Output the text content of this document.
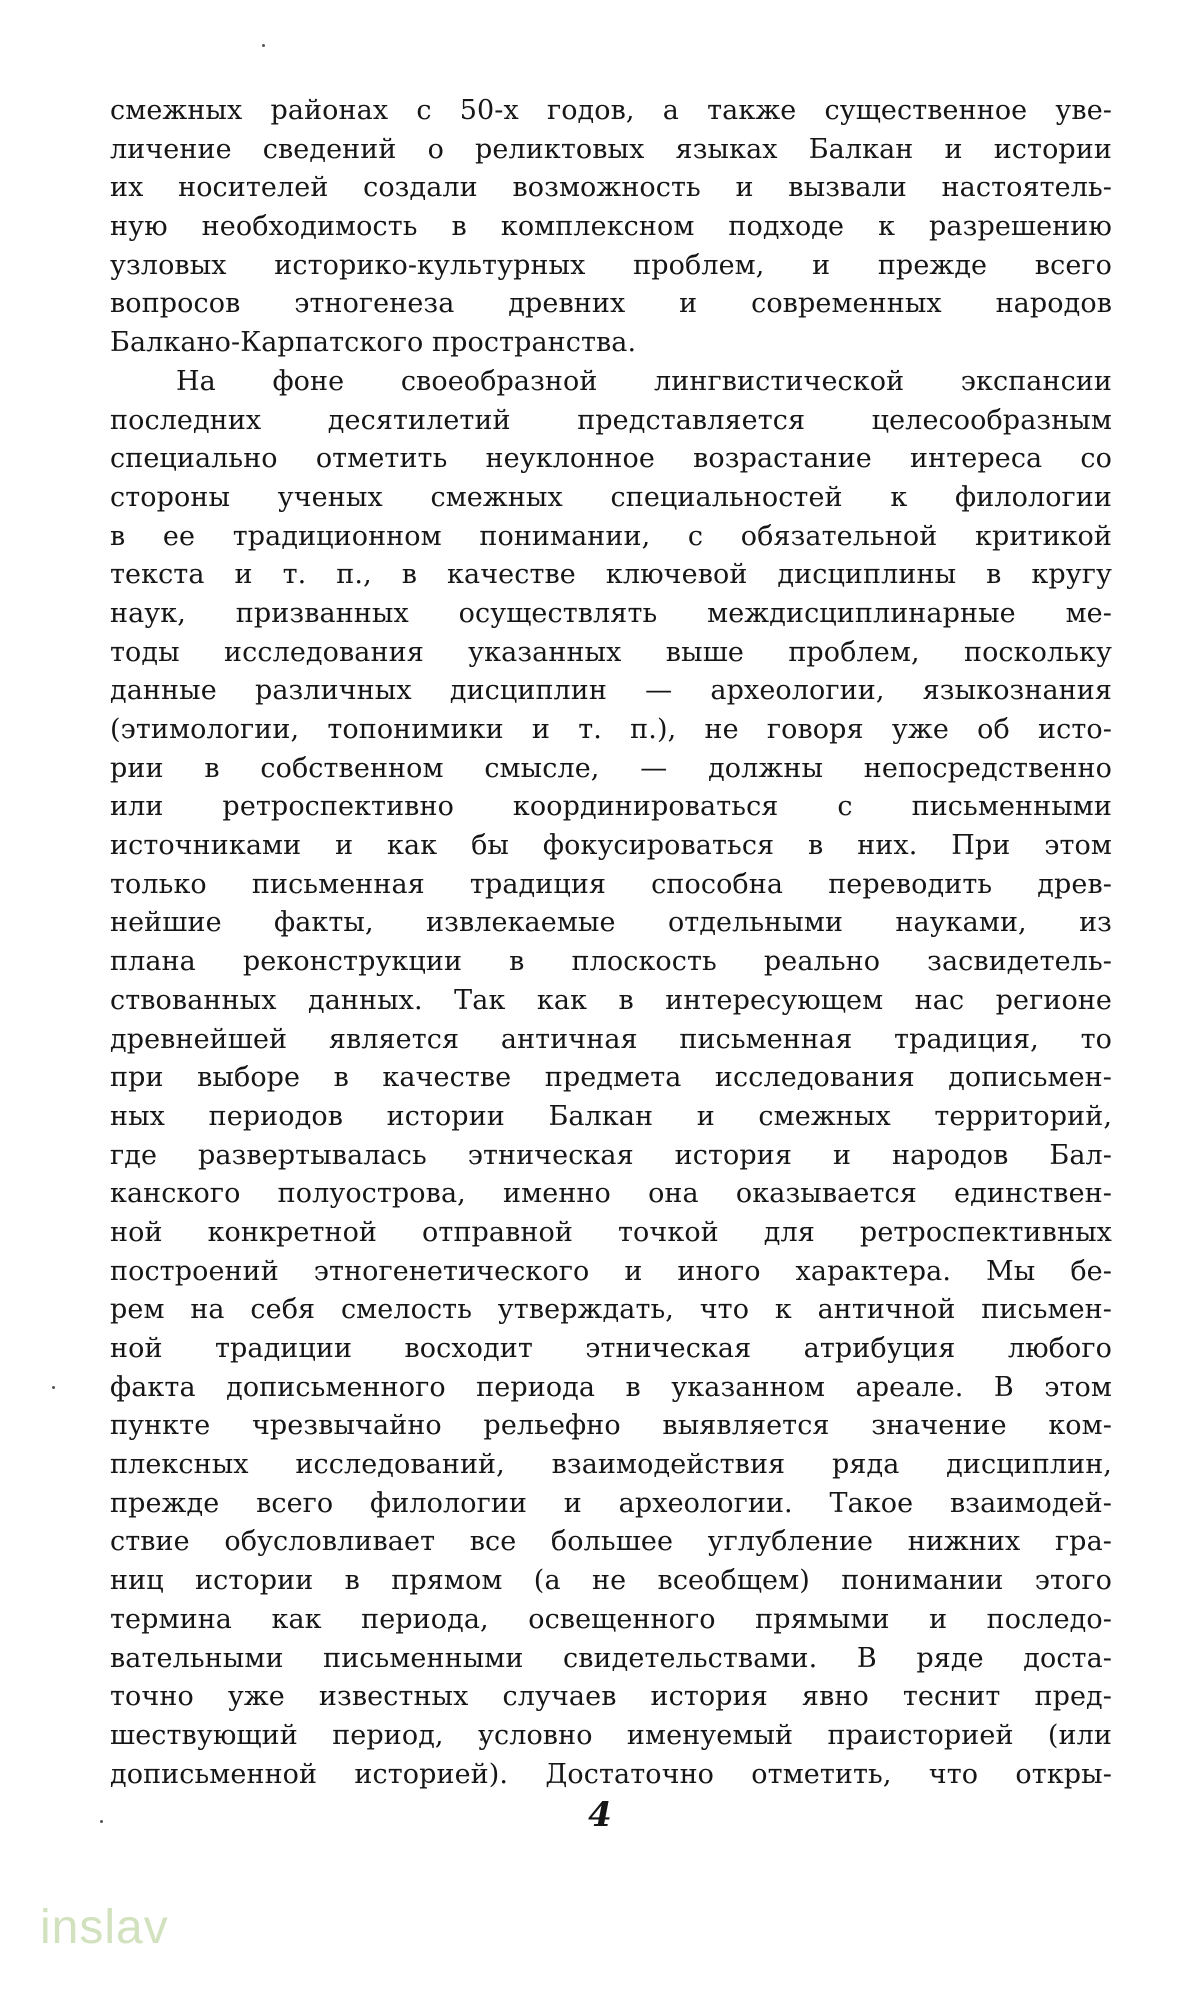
смежных районах с 50-х годов, а также существенное уве-
личение сведений о реликтовых языках Балкан и истории
их носителей создали возможность и вызвали настоятель-
ную необходимость в комплексном подходе к разрешению
узловых историко-культурных проблем, и прежде всего
вопросов этногенеза древних и современных народов
Балкано-Карпатского пространства.
На фоне своеобразной лингвистической экспансии
последних десятилетий представляется целесообразным
специально отметить неуклонное возрастание интереса со
стороны ученых смежных специальностей к филологии
в ее традиционном понимании, с обязательной критикой
текста и т. п., в качестве ключевой дисциплины в кругу
наук, призванных осуществлять междисциплинарные ме-
тоды исследования указанных выше проблем, поскольку
данные различных дисциплин — археологии, языкознания
(этимологии, топонимики и т. п.), не говоря уже об исто-
рии в собственном смысле, — должны непосредственно
или ретроспективно координироваться с письменными
источниками и как бы фокусироваться в них. При этом
только письменная традиция способна переводить древ-
нейшие факты, извлекаемые отдельными науками, из
плана реконструкции в плоскость реально засвидетель-
ствованных данных. Так как в интересующем нас регионе
древнейшей является античная письменная традиция, то
при выборе в качестве предмета исследования дописьмен-
ных периодов истории Балкан и смежных территорий,
где развертывалась этническая история и народов Бал-
канского полуострова, именно она оказывается единствен-
ной конкретной отправной точкой для ретроспективных
построений этногенетического и иного характера. Мы бе-
рем на себя смелость утверждать, что к античной письмен-
ной традиции восходит этническая атрибуция любого
факта дописьменного периода в указанном ареале. В этом
пункте чрезвычайно рельефно выявляется значение ком-
плексных исследований, взаимодействия ряда дисциплин,
прежде всего филологии и археологии. Такое взаимодей-
ствие обусловливает все большее углубление нижних гра-
ниц истории в прямом (а не всеобщем) понимании этого
термина как периода, освещенного прямыми и последо-
вательными письменными свидетельствами. В ряде доста-
точно уже известных случаев история явно теснит пред-
шествующий период, условно именуемый праисторией (или
дописьменной историей). Достаточно отметить, что откры-
4
inslav
